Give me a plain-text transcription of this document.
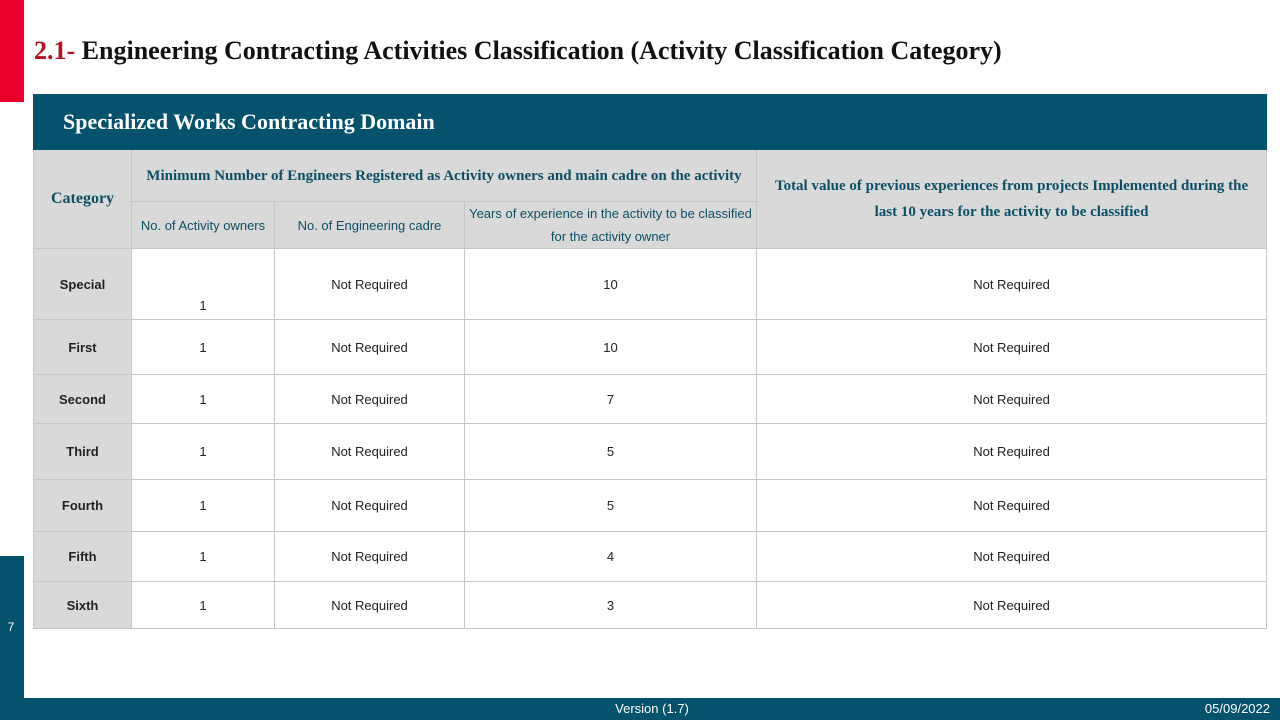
7
2.1- Engineering Contracting Activities Classification (Activity Classification Category)
Specialized Works Contracting Domain				
Category	Minimum Number of Engineers Registered as Activity owners and main cadre on the activity			Total value of previous experiences from projects Implemented during the last 10 years for the activity to be classified
	No. of Activity owners	No. of Engineering cadre	Years of experience in the activity to be classified for the activity owner	
Special	1	Not Required	10	Not Required
First	1	Not Required	10	Not Required
Second	1	Not Required	7	Not Required
Third	1	Not Required	5	Not Required
Fourth	1	Not Required	5	Not Required
Fifth	1	Not Required	4	Not Required
Sixth	1	Not Required	3	Not Required
Version (1.7)	05/09/2022
